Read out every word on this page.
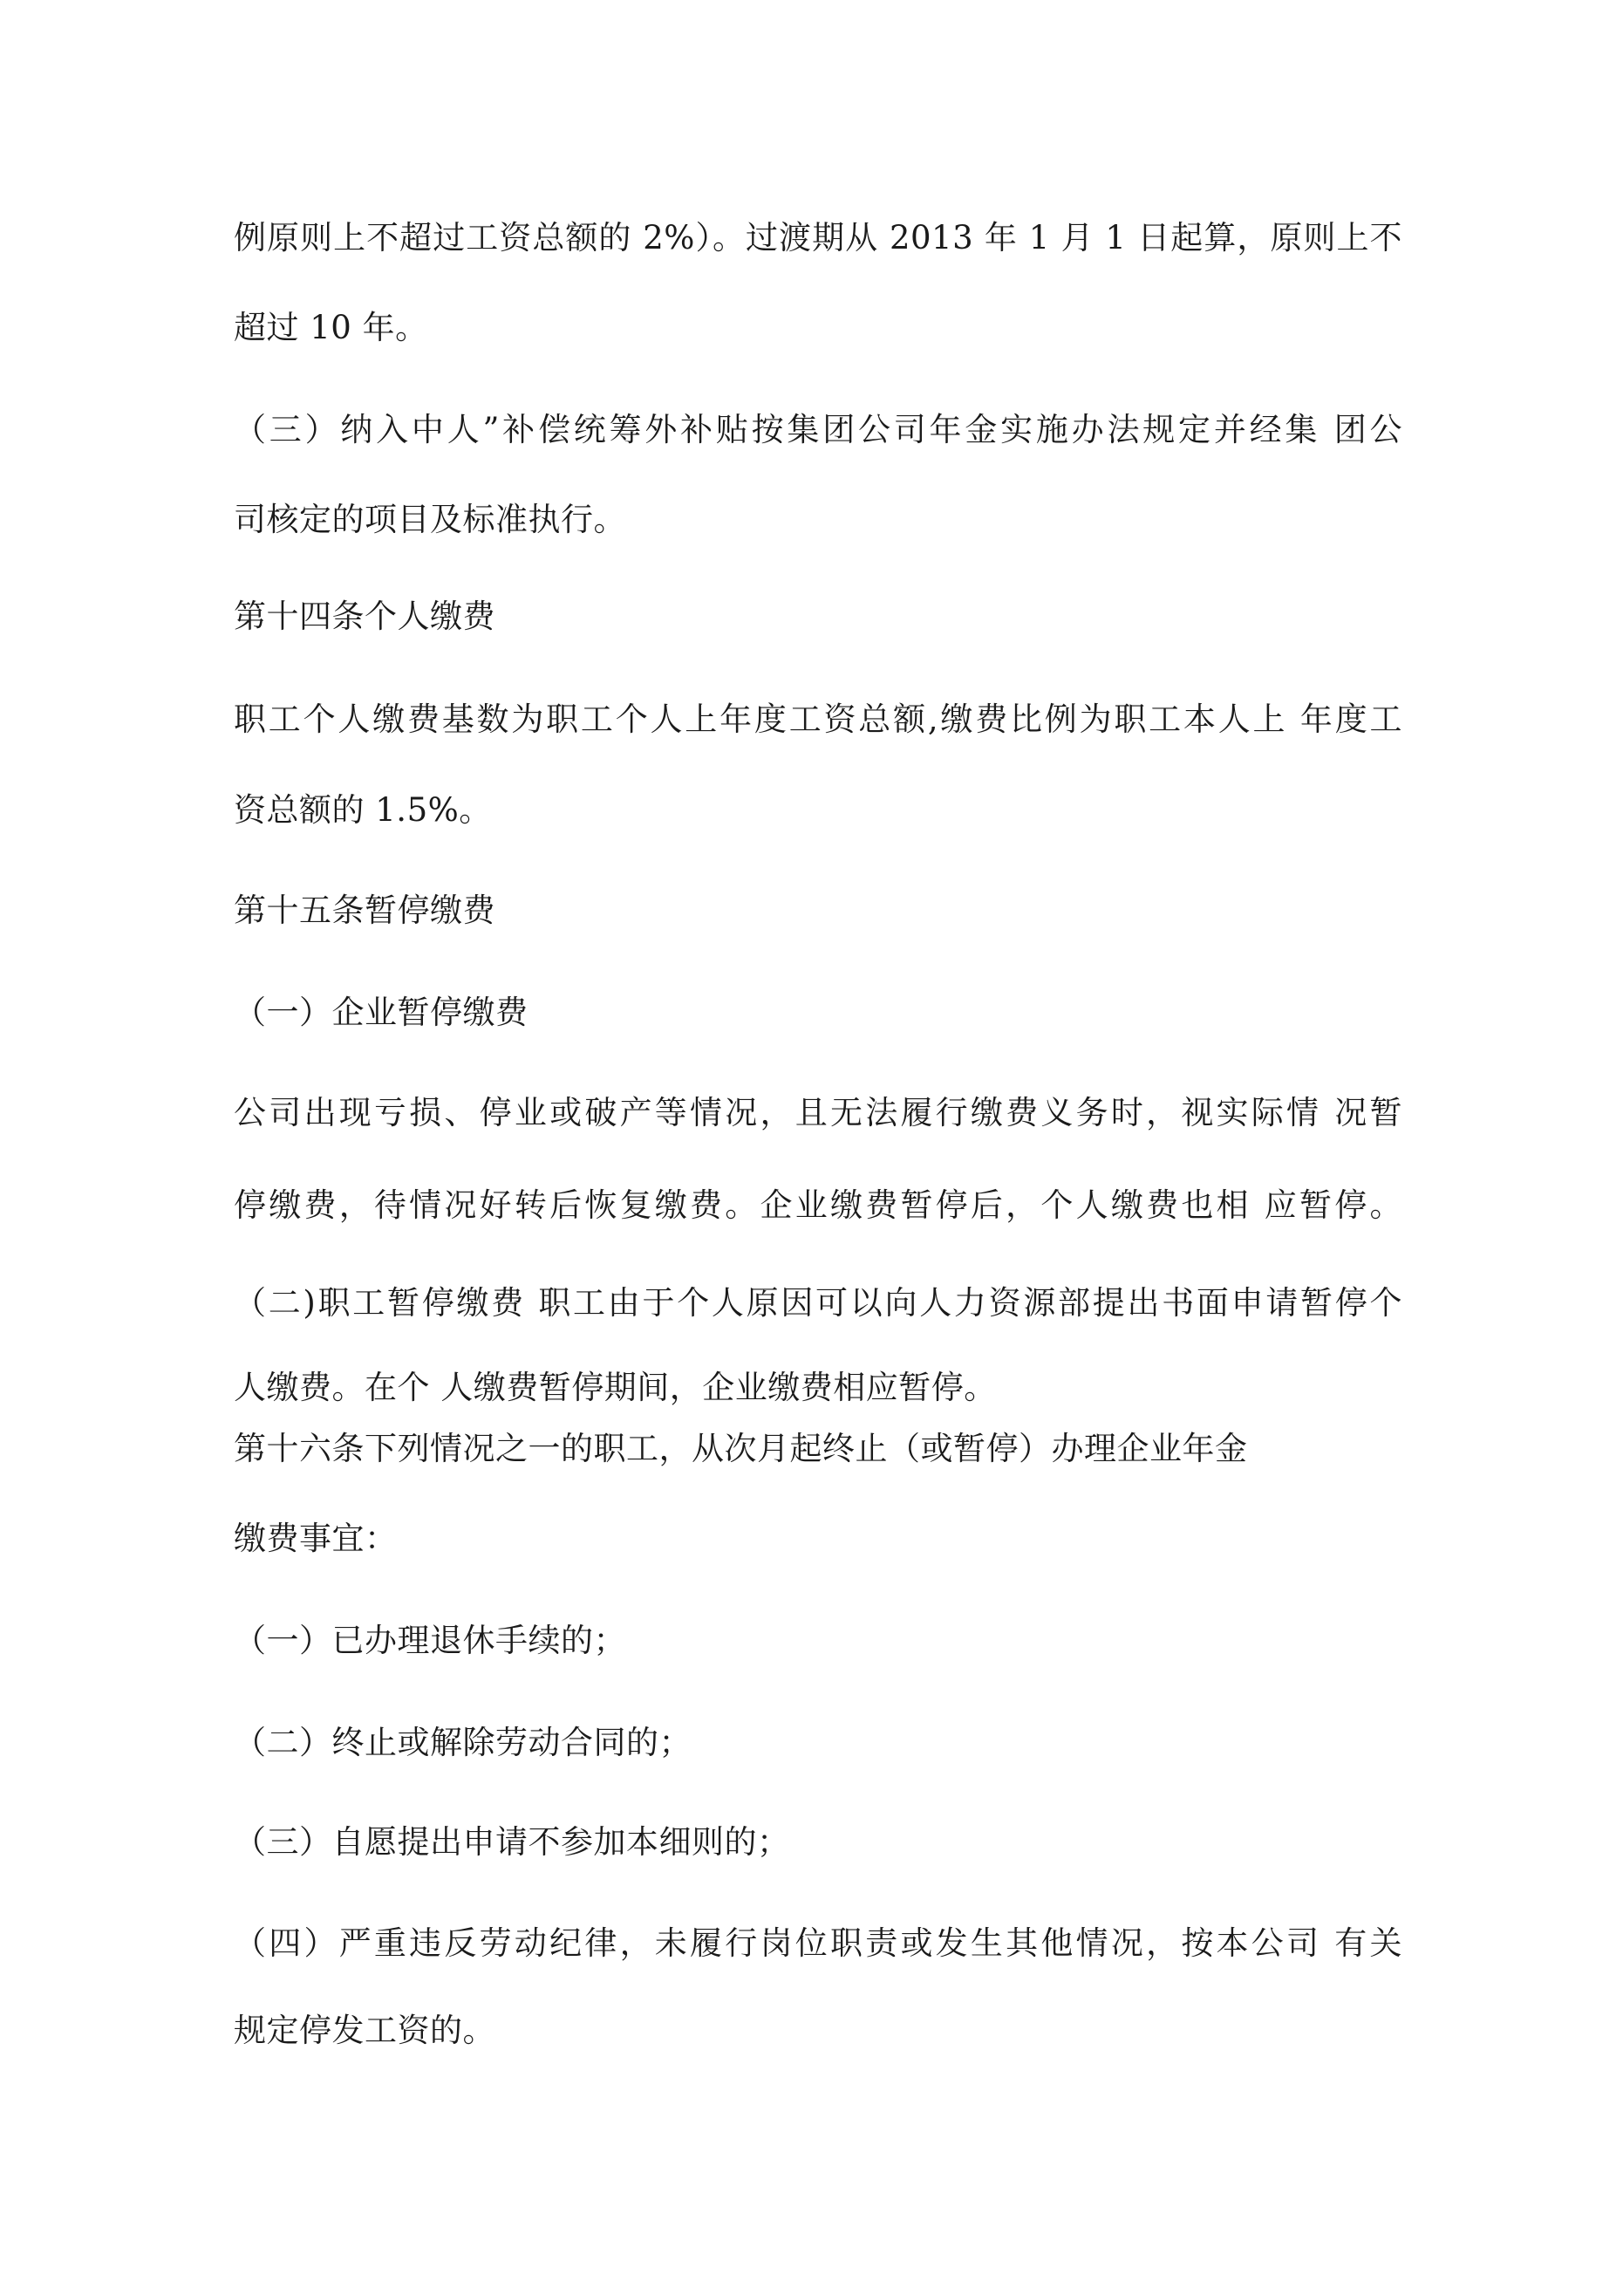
例原则上不超过工资总额的 2%）。过渡期从 2013 年 1 月 1 日起算，原则上不
超过 10 年。
（三）纳入中人”补偿统筹外补贴按集团公司年金实施办法规定并经集 团公
司核定的项目及标准执行。
第十四条个人缴费
职工个人缴费基数为职工个人上年度工资总额,缴费比例为职工本人上 年度工
资总额的 1.5%。
第十五条暂停缴费
（一）企业暂停缴费
公司出现亏损、停业或破产等情况，且无法履行缴费义务时，视实际情 况暂
停缴费，待情况好转后恢复缴费。企业缴费暂停后，个人缴费也相 应暂停。
（二)职工暂停缴费 职工由于个人原因可以向人力资源部提出书面申请暂停个
人缴费。在个 人缴费暂停期间，企业缴费相应暂停。
第十六条下列情况之一的职工，从次月起终止（或暂停）办理企业年金
缴费事宜：
（一）已办理退休手续的；
（二）终止或解除劳动合同的；
（三）自愿提出申请不参加本细则的；
（四）严重违反劳动纪律，未履行岗位职责或发生其他情况，按本公司 有关
规定停发工资的。
